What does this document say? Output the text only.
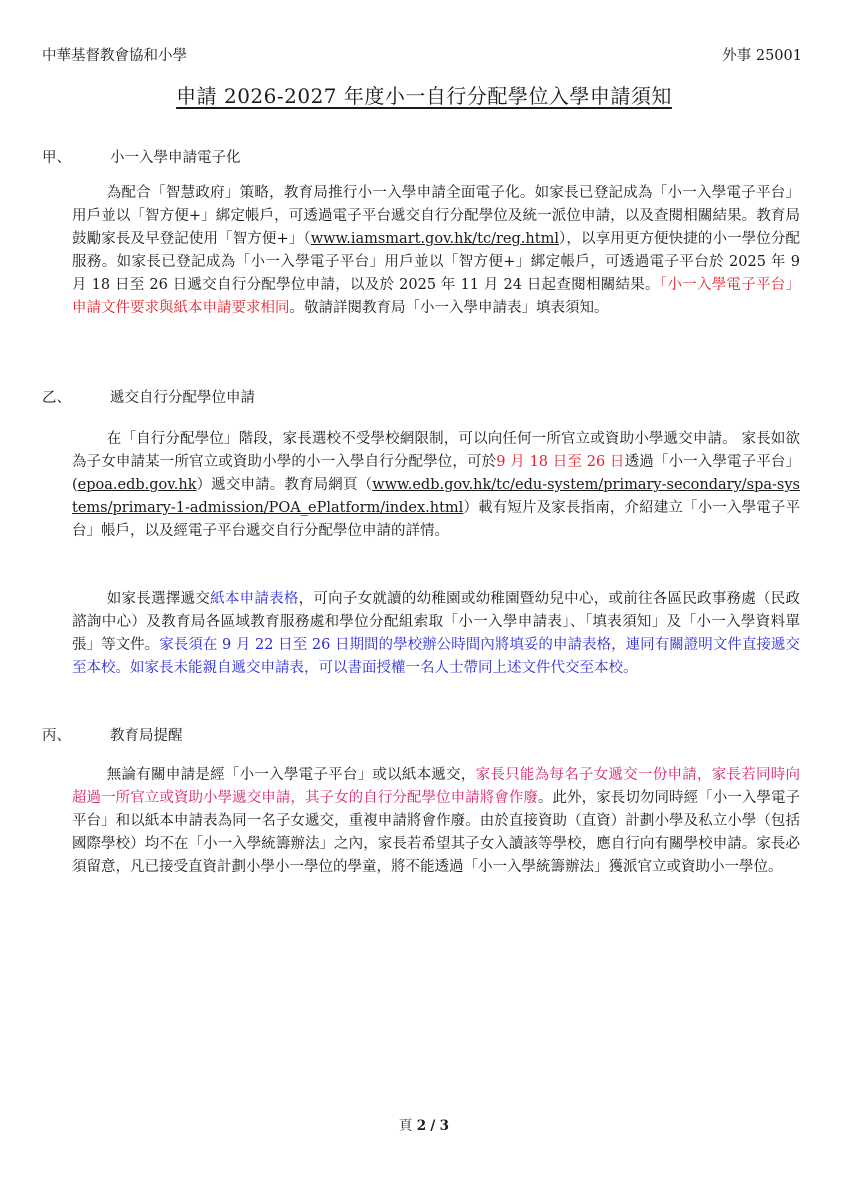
中華基督教會協和小學	外事 25001
申請 2026-2027 年度小一自行分配學位入學申請須知
甲、	小一入學申請電子化

為配合「智慧政府」策略，教育局推行小一入學申請全面電子化。如家長已登記成為「小一入學電子平台」用戶並以「智方便+」綁定帳戶，可透過電子平台遞交自行分配學位及統一派位申請，以及查閱相關結果。教育局鼓勵家長及早登記使用「智方便+」（www.iamsmart.gov.hk/tc/reg.html），以享用更方便快捷的小一學位分配服務。如家長已登記成為「小一入學電子平台」用戶並以「智方便+」綁定帳戶，可透過電子平台於 2025 年 9 月 18 日至 26 日遞交自行分配學位申請，以及於 2025 年 11 月 24 日起查閱相關結果。「小一入學電子平台」申請文件要求與紙本申請要求相同。敬請詳閱教育局「小一入學申請表」填表須知。

乙、	遞交自行分配學位申請

在「自行分配學位」階段，家長選校不受學校網限制，可以向任何一所官立或資助小學遞交申請。 家長如欲為子女申請某一所官立或資助小學的小一入學自行分配學位，可於9 月 18 日至 26 日透過「小一入學電子平台」(epoa.edb.gov.hk）遞交申請。教育局網頁（www.edb.gov.hk/tc/edu-system/primary-secondary/spa-systems/primary-1-admission/POA_ePlatform/index.html）載有短片及家長指南，介紹建立「小一入學電子平台」帳戶，以及經電子平台遞交自行分配學位申請的詳情。

如家長選擇遞交紙本申請表格，可向子女就讀的幼稚園或幼稚園暨幼兒中心，或前往各區民政事務處（民政諮詢中心）及教育局各區域教育服務處和學位分配組索取「小一入學申請表」、「填表須知」及「小一入學資料單張」等文件。家長須在 9 月 22 日至 26 日期間的學校辦公時間內將填妥的申請表格，連同有關證明文件直接遞交至本校。如家長未能親自遞交申請表，可以書面授權一名人士帶同上述文件代交至本校。

丙、	教育局提醒

無論有關申請是經「小一入學電子平台」或以紙本遞交，家長只能為每名子女遞交一份申請，家長若同時向超過一所官立或資助小學遞交申請，其子女的自行分配學位申請將會作廢。此外，家長切勿同時經「小一入學電子平台」和以紙本申請表為同一名子女遞交，重複申請將會作廢。由於直接資助（直資）計劃小學及私立小學（包括國際學校）均不在「小一入學統籌辦法」之內，家長若希望其子女入讀該等學校，應自行向有關學校申請。家長必須留意，凡已接受直資計劃小學小一學位的學童，將不能透過「小一入學統籌辦法」獲派官立或資助小一學位。

頁 2 / 3
